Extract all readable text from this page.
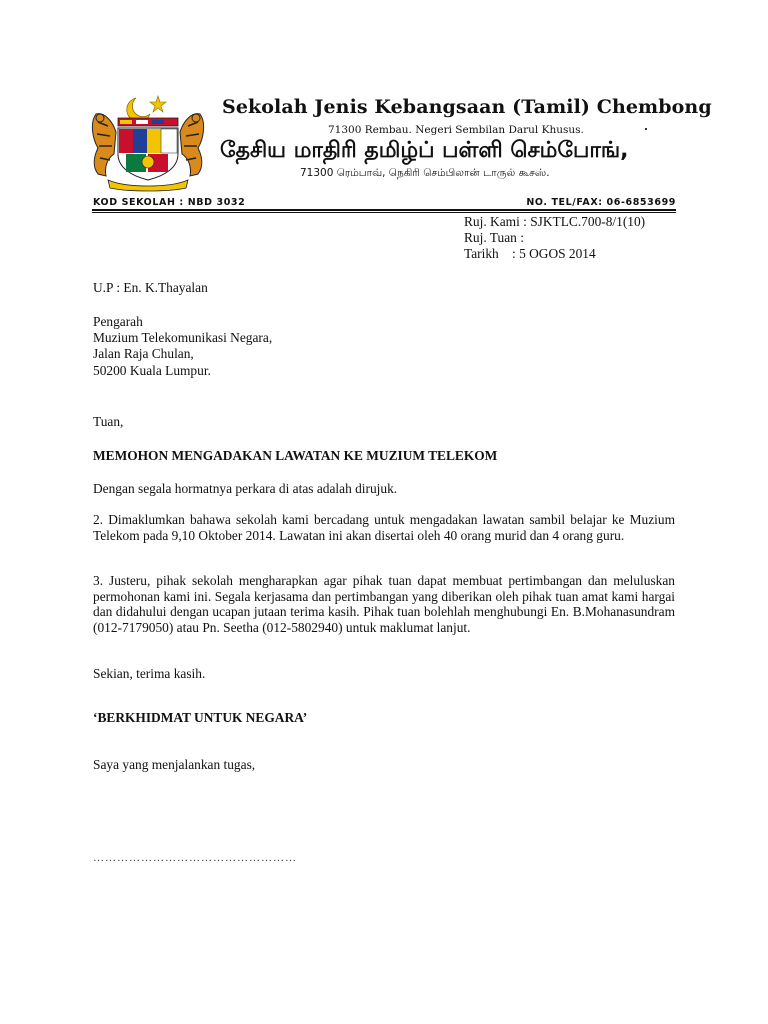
Sekolah Jenis Kebangsaan (Tamil) Chembong
71300 Rembau. Negeri Sembilan Darul Khusus.
தேசிய மாதிரி தமிழ்ப் பள்ளி செம்போங்,
71300 ரெம்பாவ், நெகிரி செம்பிலான் டாருல் கூசஸ்.
KOD SEKOLAH : NBD 3032	NO. TEL/FAX: 06-6853699
Ruj. Kami : SJKTLC.700-8/1(10)
Ruj. Tuan :
Tarikh : 5 OGOS 2014
U.P : En. K.Thayalan
Pengarah
Muzium Telekomunikasi Negara,
Jalan Raja Chulan,
50200 Kuala Lumpur.
Tuan,
MEMOHON MENGADAKAN LAWATAN KE MUZIUM TELEKOM
Dengan segala hormatnya perkara di atas adalah dirujuk.
2. Dimaklumkan bahawa sekolah kami bercadang untuk mengadakan lawatan sambil belajar ke Muzium Telekom pada 9,10 Oktober 2014. Lawatan ini akan disertai oleh 40 orang murid dan 4 orang guru.
3. Justeru, pihak sekolah mengharapkan agar pihak tuan dapat membuat pertimbangan dan meluluskan permohonan kami ini. Segala kerjasama dan pertimbangan yang diberikan oleh pihak tuan amat kami hargai dan didahului dengan ucapan jutaan terima kasih. Pihak tuan bolehlah menghubungi En. B.Mohanasundram (012-7179050) atau Pn. Seetha (012-5802940) untuk maklumat lanjut.
Sekian, terima kasih.
‘BERKHIDMAT UNTUK NEGARA’
Saya yang menjalankan tugas,
……………………………………………
